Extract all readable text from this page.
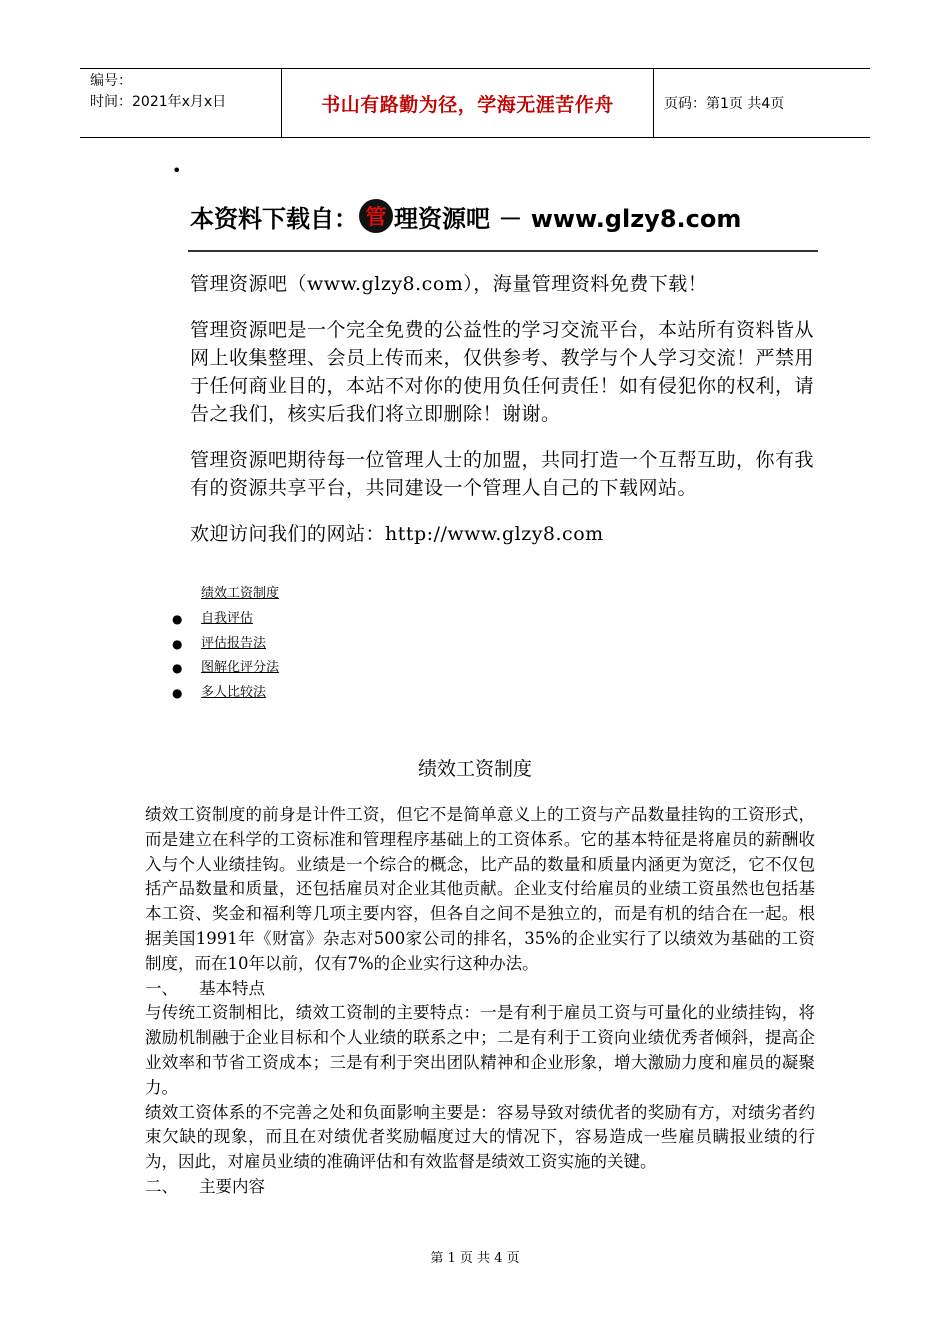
编号：
时间：2021年x月x日	书山有路勤为径，学海无涯苦作舟	页码：第1页 共4页
•
本资料下载自： 管 理资源吧 － www.glzy8.com

管理资源吧（www.glzy8.com），海量管理资料免费下载！

管理资源吧是一个完全免费的公益性的学习交流平台，本站所有资料皆从网上收集整理、会员上传而来，仅供参考、教学与个人学习交流！严禁用于任何商业目的，本站不对你的使用负任何责任！如有侵犯你的权利，请告之我们，核实后我们将立即删除！谢谢。

管理资源吧期待每一位管理人士的加盟，共同打造一个互帮互助，你有我有的资源共享平台，共同建设一个管理人自己的下载网站。

欢迎访问我们的网站：http://www.glzy8.com

绩效工资制度
●	自我评估
●	评估报告法
●	图解化评分法
●	多人比较法
绩效工资制度

绩效工资制度的前身是计件工资，但它不是简单意义上的工资与产品数量挂钩的工资形式，而是建立在科学的工资标准和管理程序基础上的工资体系。它的基本特征是将雇员的薪酬收入与个人业绩挂钩。业绩是一个综合的概念，比产品的数量和质量内涵更为宽泛，它不仅包括产品数量和质量，还包括雇员对企业其他贡献。企业支付给雇员的业绩工资虽然也包括基本工资、奖金和福利等几项主要内容，但各自之间不是独立的，而是有机的结合在一起。根据美国1991年《财富》杂志对500家公司的排名，35%的企业实行了以绩效为基础的工资制度，而在10年以前，仅有7%的企业实行这种办法。

一、    基本特点

与传统工资制相比，绩效工资制的主要特点：一是有利于雇员工资与可量化的业绩挂钩，将激励机制融于企业目标和个人业绩的联系之中；二是有利于工资向业绩优秀者倾斜，提高企业效率和节省工资成本；三是有利于突出团队精神和企业形象，增大激励力度和雇员的凝聚力。

绩效工资体系的不完善之处和负面影响主要是：容易导致对绩优者的奖励有方，对绩劣者约束欠缺的现象，而且在对绩优者奖励幅度过大的情况下，容易造成一些雇员瞒报业绩的行为，因此，对雇员业绩的准确评估和有效监督是绩效工资实施的关键。

二、    主要内容

第 1 页 共 4 页
